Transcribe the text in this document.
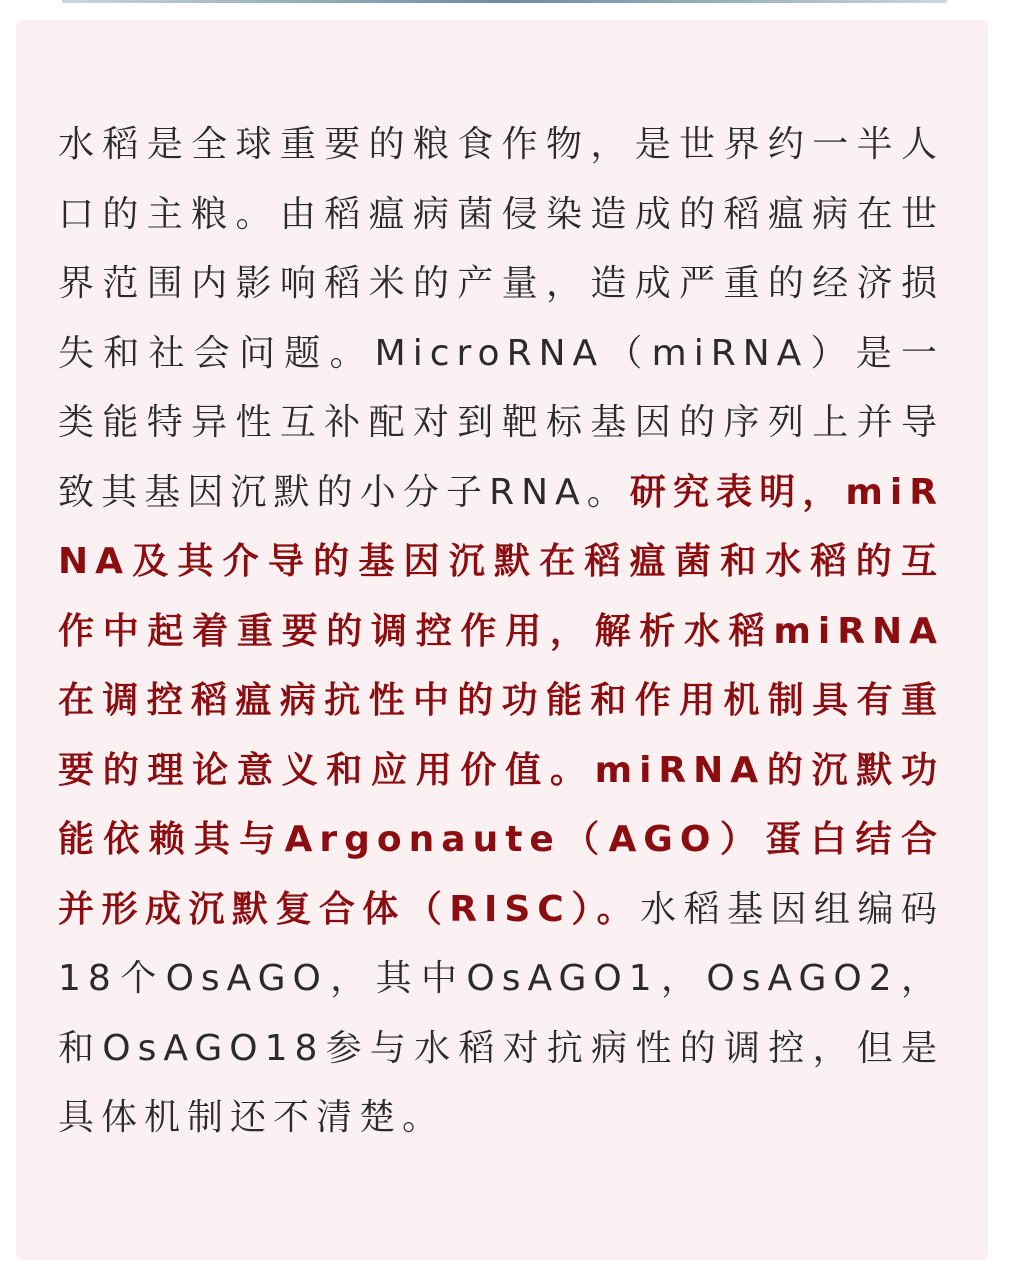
水稻是全球重要的粮食作物，是世界约一半人口的主粮。由稻瘟病菌侵染造成的稻瘟病在世界范围内影响稻米的产量，造成严重的经济损失和社会问题。MicroRNA（miRNA）是一类能特异性互补配对到靶标基因的序列上并导致其基因沉默的小分子RNA。研究表明，miRNA及其介导的基因沉默在稻瘟菌和水稻的互作中起着重要的调控作用，解析水稻miRNA在调控稻瘟病抗性中的功能和作用机制具有重要的理论意义和应用价值。miRNA的沉默功能依赖其与Argonaute（AGO）蛋白结合并形成沉默复合体（RISC）。水稻基因组编码18个OsAGO，其中OsAGO1，OsAGO2，和OsAGO18参与水稻对抗病性的调控，但是具体机制还不清楚。
